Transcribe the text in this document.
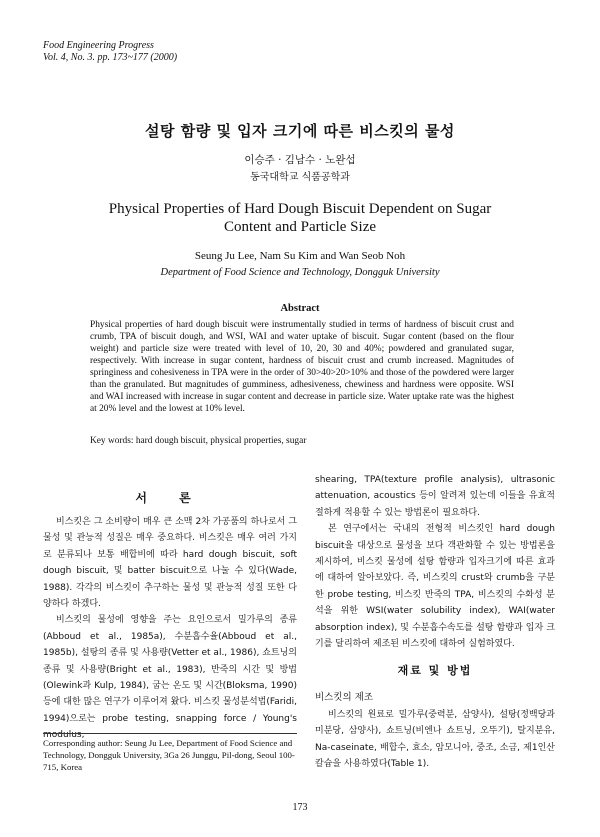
Food Engineering Progress
Vol. 4, No. 3. pp. 173~177 (2000)
설탕 함량 및 입자 크기에 따른 비스킷의 물성
이승주 · 김남수 · 노완섭
동국대학교 식품공학과
Physical Properties of Hard Dough Biscuit Dependent on Sugar
Content and Particle Size
Seung Ju Lee, Nam Su Kim and Wan Seob Noh
Department of Food Science and Technology, Dongguk University
Abstract
Physical properties of hard dough biscuit were instrumentally studied in terms of hardness of biscuit crust and crumb, TPA of biscuit dough, and WSI, WAI and water uptake of biscuit. Sugar content (based on the flour weight) and particle size were treated with level of 10, 20, 30 and 40%; powdered and granulated sugar, respectively. With increase in sugar content, hardness of biscuit crust and crumb increased. Magnitudes of springiness and cohesiveness in TPA were in the order of 30>40>20>10% and those of the powdered were larger than the granulated. But magnitudes of gumminess, adhesiveness, chewiness and hardness were opposite. WSI and WAI increased with increase in sugar content and decrease in particle size. Water uptake rate was the highest at 20% level and the lowest at 10% level.
Key words: hard dough biscuit, physical properties, sugar
서 론

비스킷은 그 소비량이 매우 큰 소맥 2차 가공품의 하나로서 그 물성 및 관능적 성질은 매우 중요하다. 비스킷은 매우 여러 가지로 분류되나 보통 배합비에 따라 hard dough biscuit, soft dough biscuit, 및 batter biscuit으로 나눌 수 있다(Wade, 1988). 각각의 비스킷이 추구하는 물성 및 관능적 성질 또한 다양하다 하겠다.

비스킷의 물성에 영향을 주는 요인으로서 밀가루의 종류(Abboud et al., 1985a), 수분흡수율(Abboud et al., 1985b), 설탕의 종류 및 사용량(Vetter et al., 1986), 쇼트닝의 종류 및 사용량(Bright et al., 1983), 반죽의 시간 및 방법(Olewink과 Kulp, 1984), 굽는 온도 및 시간(Bloksma, 1990) 등에 대한 많은 연구가 이루어져 왔다. 비스킷 물성분석법(Faridi, 1994)으로는 probe testing, snapping force / Young's modulus,

shearing, TPA(texture profile analysis), ultrasonic attenuation, acoustics 등이 알려져 있는데 이들을 유효적절하게 적용할 수 있는 방법론이 필요하다.

본 연구에서는 국내의 전형적 비스킷인 hard dough biscuit을 대상으로 물성을 보다 객관화할 수 있는 방법론을 제시하여, 비스킷 물성에 설탕 함량과 입자크기에 따른 효과에 대하여 알아보았다. 즉, 비스킷의 crust와 crumb을 구분한 probe testing, 비스킷 반죽의 TPA, 비스킷의 수화성 분석을 위한 WSI(water solubility index), WAI(water absorption index), 및 수분흡수속도를 설탕 함량과 입자 크기를 달리하여 제조된 비스킷에 대하여 실험하였다.

재료 및 방법
비스킷의 제조

비스킷의 원료로 밀가루(중력분, 삼양사), 설탕(정백당과 미분당, 삼양사), 쇼트닝(비엔나 쇼트닝, 오뚜기), 탈지분유, Na-caseinate, 배합수, 효소, 암모니아, 중조, 소금, 제1인산 칼슘을 사용하였다(Table 1).

Corresponding author: Seung Ju Lee, Department of Food Science and Technology, Dongguk University, 3Ga 26 Junggu, Pil-dong, Seoul 100-715, Korea
173
